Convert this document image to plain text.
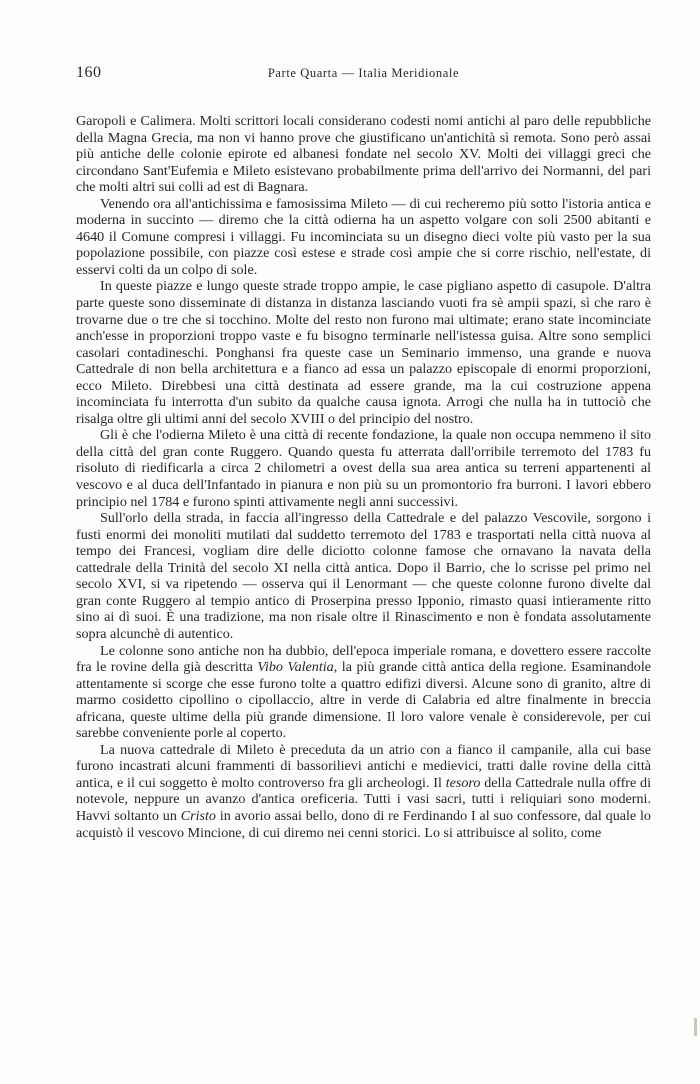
160	Parte Quarta — Italia Meridionale

Garopoli e Calimera. Molti scrittori locali considerano codesti nomi antichi al paro delle repubbliche della Magna Grecia, ma non vi hanno prove che giustificano un'antichità sì remota. Sono però assai più antiche delle colonie epirote ed albanesi fondate nel secolo XV. Molti dei villaggi greci che circondano Sant'Eufemia e Mileto esistevano probabilmente prima dell'arrivo dei Normanni, del pari che molti altri sui colli ad est di Bagnara.

Venendo ora all'antichissima e famosissima Mileto — di cui recheremo più sotto l'istoria antica e moderna in succinto — diremo che la città odierna ha un aspetto volgare con soli 2500 abitanti e 4640 il Comune compresi i villaggi. Fu incominciata su un disegno dieci volte più vasto per la sua popolazione possibile, con piazze così estese e strade così ampie che si corre rischio, nell'estate, di esservi colti da un colpo di sole.

In queste piazze e lungo queste strade troppo ampie, le case pigliano aspetto di casupole. D'altra parte queste sono disseminate di distanza in distanza lasciando vuoti fra sè ampii spazi, sì che raro è trovarne due o tre che si tocchino. Molte del resto non furono mai ultimate; erano state incominciate anch'esse in proporzioni troppo vaste e fu bisogno terminarle nell'istessa guisa. Altre sono semplici casolari contadineschi. Ponghansi fra queste case un Seminario immenso, una grande e nuova Cattedrale di non bella architettura e a fianco ad essa un palazzo episcopale di enormi proporzioni, ecco Mileto. Direbbesi una città destinata ad essere grande, ma la cui costruzione appena incominciata fu interrotta d'un subito da qualche causa ignota. Arrogi che nulla ha in tuttociò che risalga oltre gli ultimi anni del secolo XVIII o del principio del nostro.

Gli è che l'odierna Mileto è una città di recente fondazione, la quale non occupa nemmeno il sito della città del gran conte Ruggero. Quando questa fu atterrata dall'orribile terremoto del 1783 fu risoluto di riedificarla a circa 2 chilometri a ovest della sua area antica su terreni appartenenti al vescovo e al duca dell'Infantado in pianura e non più su un promontorio fra burroni. I lavori ebbero principio nel 1784 e furono spinti attivamente negli anni successivi.

Sull'orlo della strada, in faccia all'ingresso della Cattedrale e del palazzo Vescovile, sorgono i fusti enormi dei monoliti mutilati dal suddetto terremoto del 1783 e trasportati nella città nuova al tempo dei Francesi, vogliam dire delle diciotto colonne famose che ornavano la navata della cattedrale della Trinità del secolo XI nella città antica. Dopo il Barrio, che lo scrisse pel primo nel secolo XVI, si va ripetendo — osserva qui il Lenormant — che queste colonne furono divelte dal gran conte Ruggero al tempio antico di Proserpina presso Ipponio, rimasto quasi intieramente ritto sino ai dì suoi. È una tradizione, ma non risale oltre il Rinascimento e non è fondata assolutamente sopra alcunchè di autentico.

Le colonne sono antiche non ha dubbio, dell'epoca imperiale romana, e dovettero essere raccolte fra le rovine della già descritta Vibo Valentia, la più grande città antica della regione. Esaminandole attentamente si scorge che esse furono tolte a quattro edifizi diversi. Alcune sono di granito, altre di marmo cosidetto cipollino o cipollaccio, altre in verde di Calabria ed altre finalmente in breccia africana, queste ultime della più grande dimensione. Il loro valore venale è considerevole, per cui sarebbe conveniente porle al coperto.

La nuova cattedrale di Mileto è preceduta da un atrio con a fianco il campanile, alla cui base furono incastrati alcuni frammenti di bassorilievi antichi e medievici, tratti dalle rovine della città antica, e il cui soggetto è molto controverso fra gli archeologi. Il tesoro della Cattedrale nulla offre di notevole, neppure un avanzo d'antica oreficeria. Tutti i vasi sacri, tutti i reliquiari sono moderni. Havvi soltanto un Cristo in avorio assai bello, dono di re Ferdinando I al suo confessore, dal quale lo acquistò il vescovo Mincione, di cui diremo nei cenni storici. Lo si attribuisce al solito, come
